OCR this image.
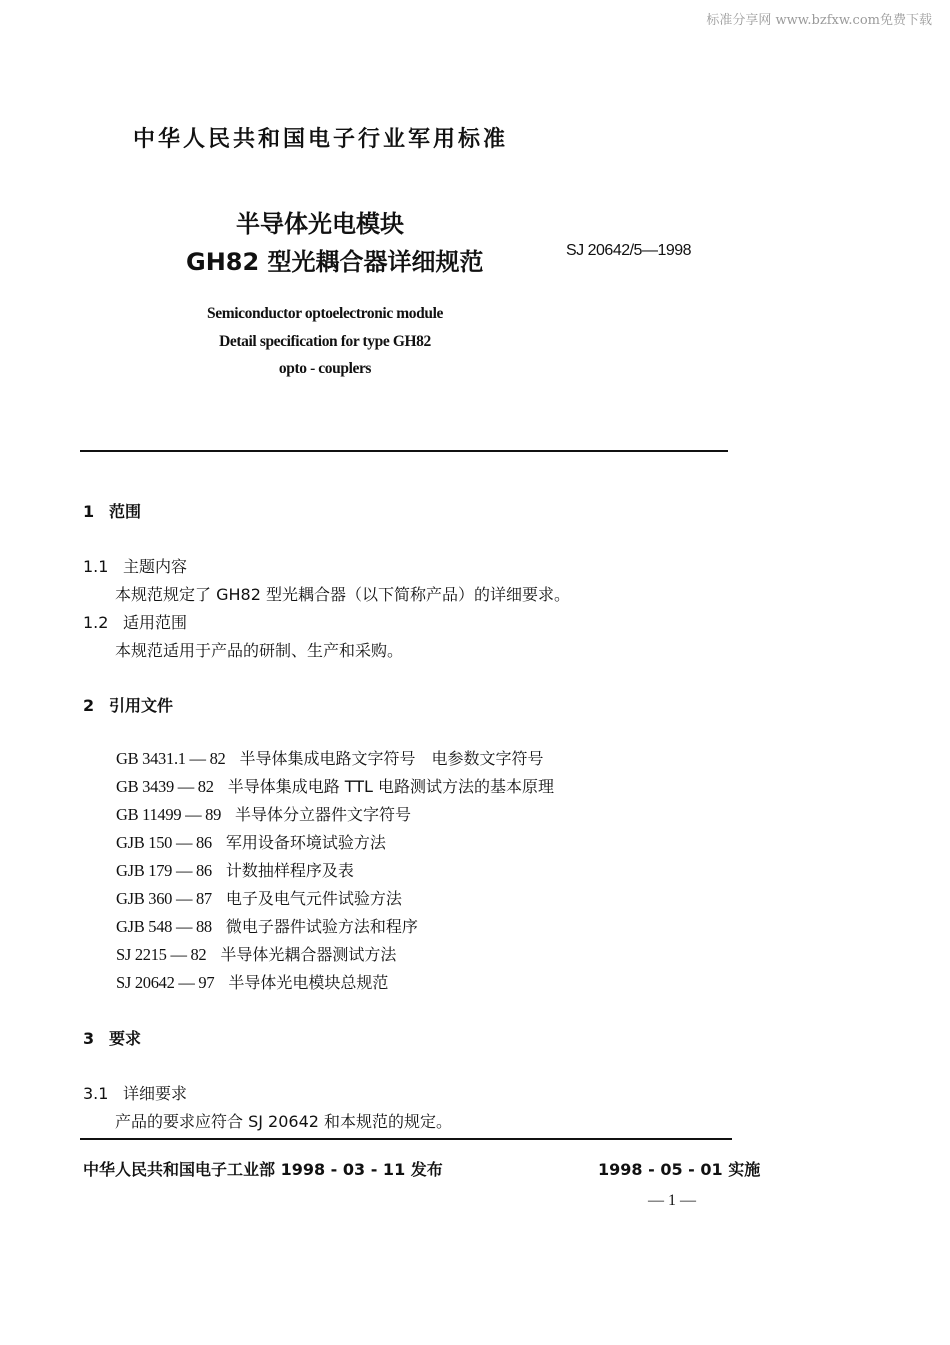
标准分享网 www.bzfxw.com免费下载
中华人民共和国电子行业军用标准
半导体光电模块
GH82 型光耦合器详细规范	SJ 20642/5—1998
Semiconductor optoelectronic module
Detail specification for type GH82
opto - couplers
1 范围
1.1 主题内容
本规范规定了 GH82 型光耦合器（以下简称产品）的详细要求。
1.2 适用范围
本规范适用于产品的研制、生产和采购。
2 引用文件
GB 3431.1 — 82 半导体集成电路文字符号　电参数文字符号
GB 3439 — 82 半导体集成电路 TTL 电路测试方法的基本原理
GB 11499 — 89 半导体分立器件文字符号
GJB 150 — 86 军用设备环境试验方法
GJB 179 — 86 计数抽样程序及表
GJB 360 — 87 电子及电气元件试验方法
GJB 548 — 88 微电子器件试验方法和程序
SJ 2215 — 82 半导体光耦合器测试方法
SJ 20642 — 97 半导体光电模块总规范
3 要求
3.1 详细要求
产品的要求应符合 SJ 20642 和本规范的规定。
中华人民共和国电子工业部 1998 - 03 - 11 发布	1998 - 05 - 01 实施
— 1 —
